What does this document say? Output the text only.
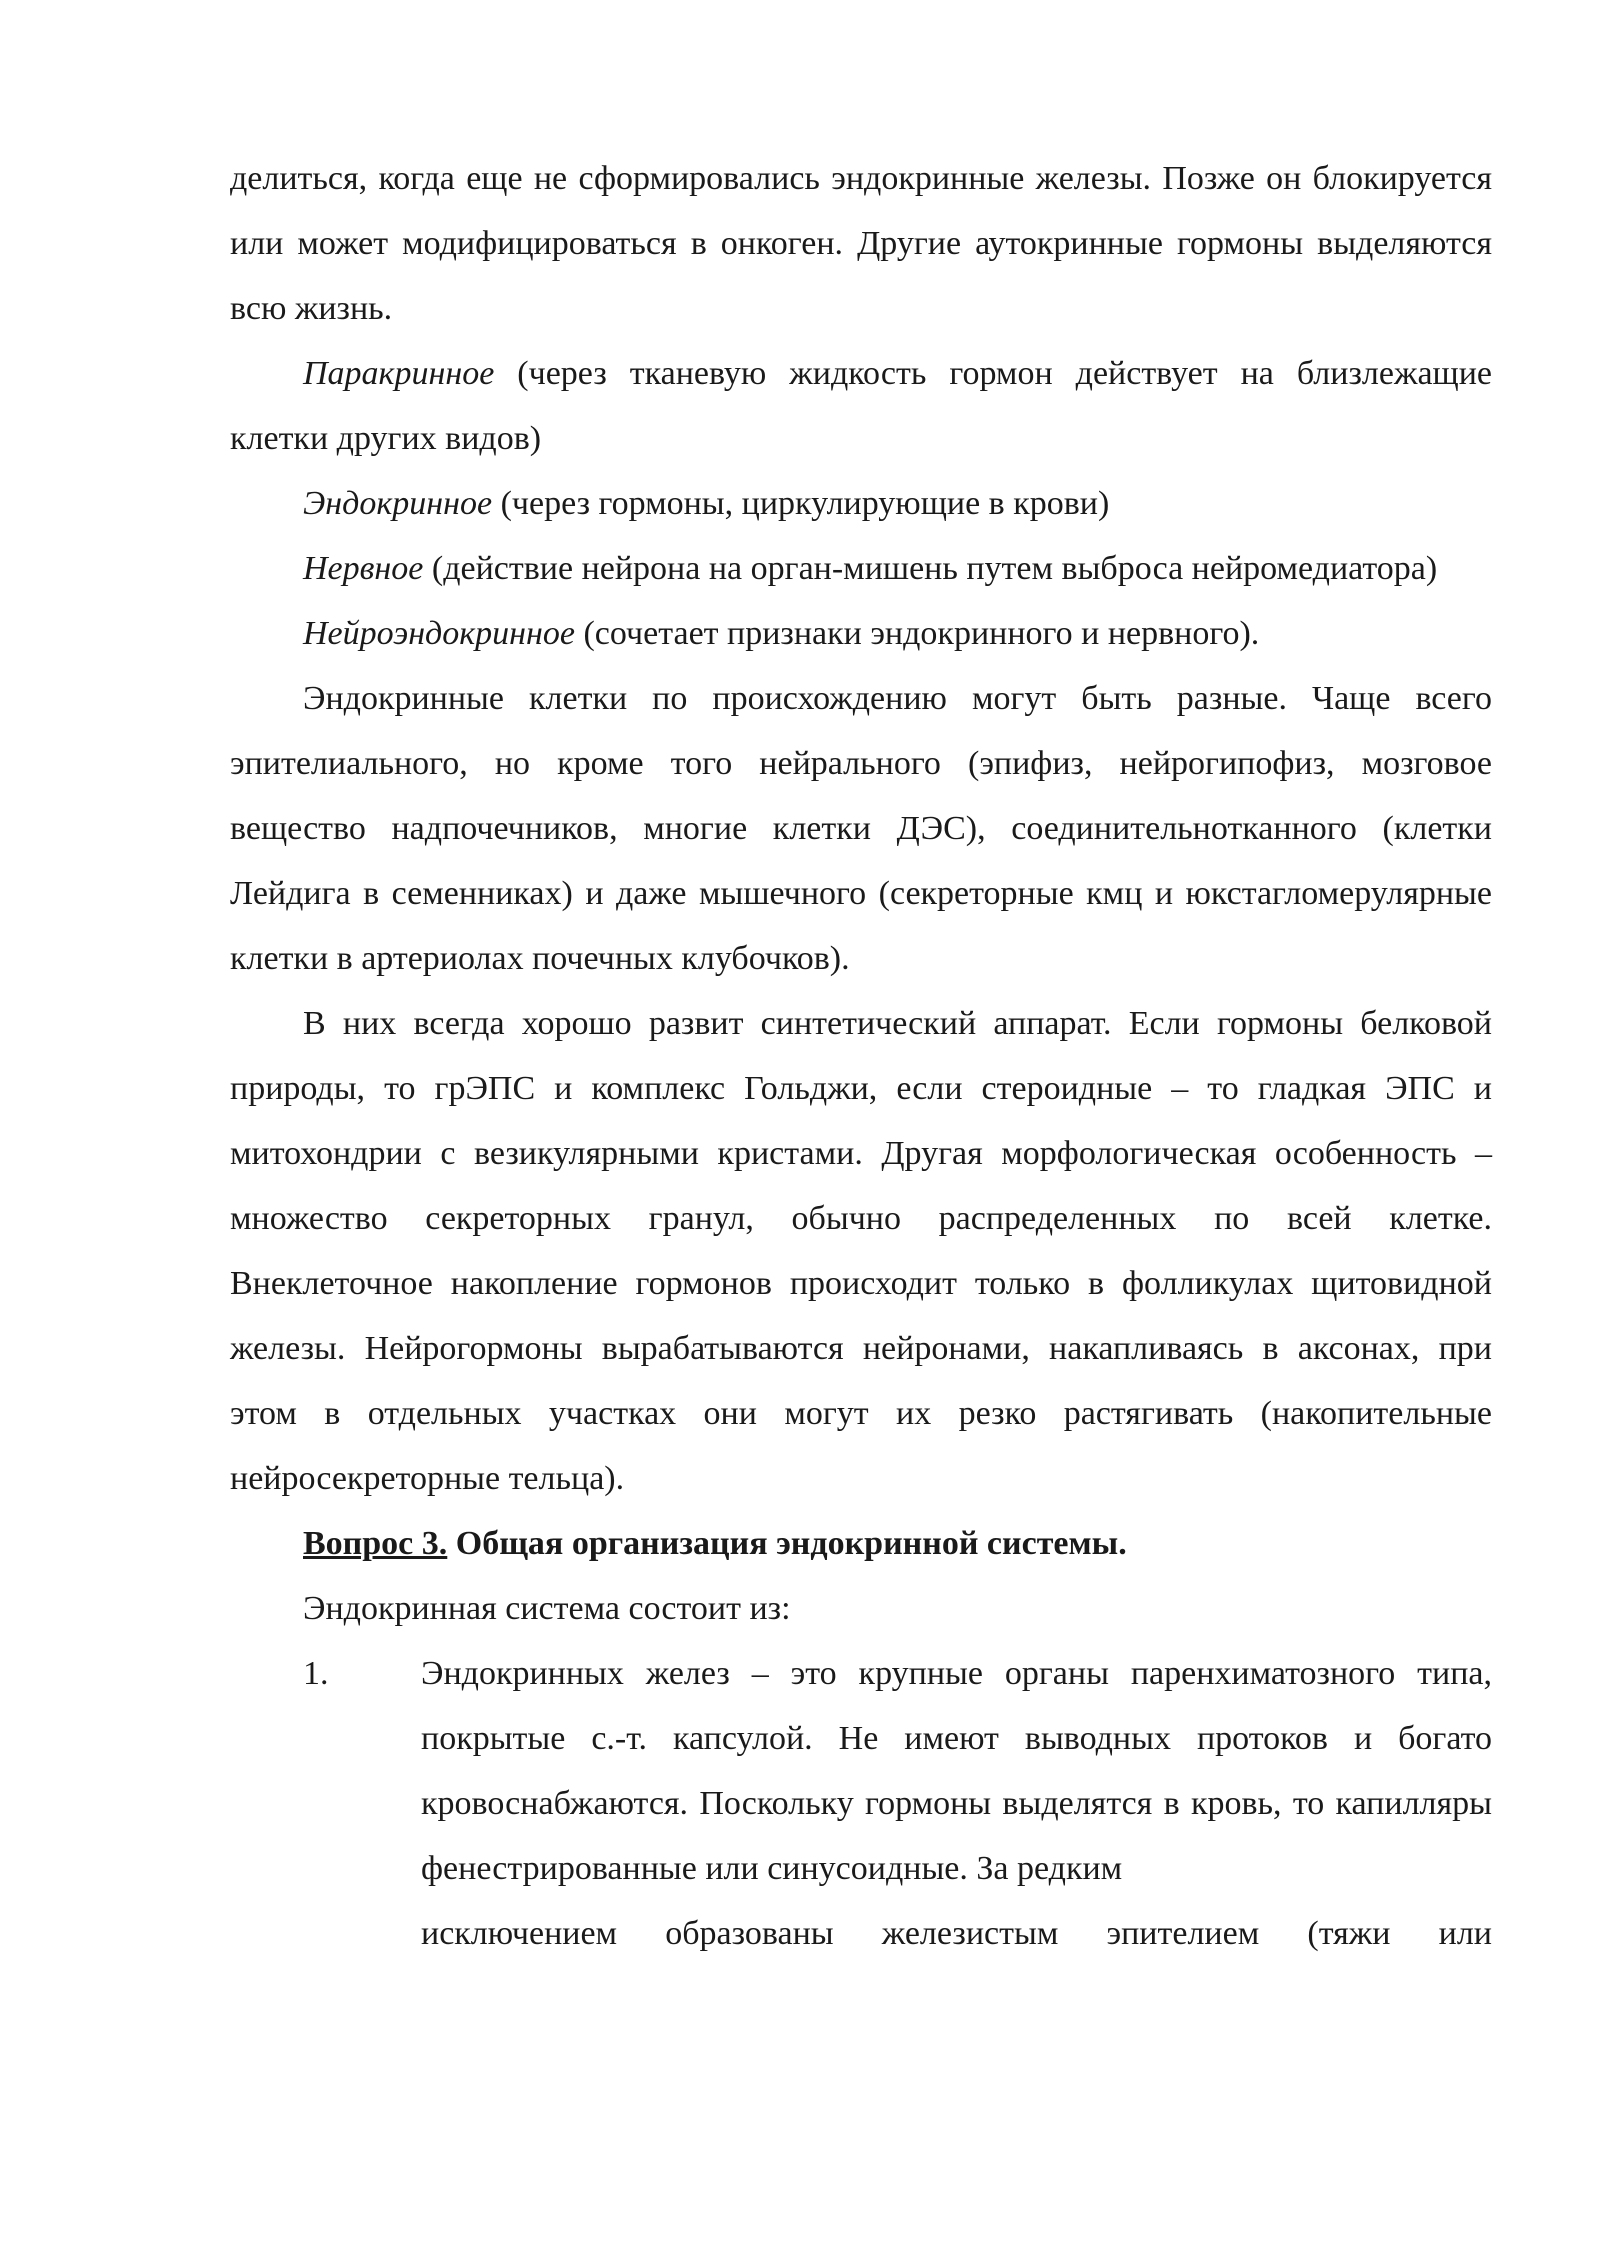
делиться, когда еще не сформировались эндокринные железы. Позже он блокируется или может модифицироваться в онкоген. Другие аутокринные гормоны выделяются всю жизнь.

Паракринное (через тканевую жидкость гормон действует на близлежащие клетки других видов)

Эндокринное (через гормоны, циркулирующие в крови)

Нервное (действие нейрона на орган-мишень путем выброса нейромедиатора)

Нейроэндокринное (сочетает признаки эндокринного и нервного).

Эндокринные клетки по происхождению могут быть разные. Чаще всего эпителиального, но кроме того нейрального (эпифиз, нейрогипофиз, мозговое вещество надпочечников, многие клетки ДЭС), соединительнотканного (клетки Лейдига в семенниках) и даже мышечного (секреторные кмц и юкстагломерулярные клетки в артериолах почечных клубочков).

В них всегда хорошо развит синтетический аппарат. Если гормоны белковой природы, то грЭПС и комплекс Гольджи, если стероидные – то гладкая ЭПС и митохондрии с везикулярными кристами. Другая морфологическая особенность – множество секреторных гранул, обычно распределенных по всей клетке. Внеклеточное накопление гормонов происходит только в фолликулах щитовидной железы. Нейрогормоны вырабатываются нейронами, накапливаясь в аксонах, при этом в отдельных участках они могут их резко растягивать (накопительные нейросекреторные тельца).

Вопрос 3. Общая организация эндокринной системы.

Эндокринная система состоит из:

1.	Эндокринных желез – это крупные органы паренхиматозного типа, покрытые с.-т. капсулой. Не имеют выводных протоков и богато кровоснабжаются. Поскольку гормоны выделятся в кровь, то капилляры фенестрированные или синусоидные. За редким
исключением образованы железистым эпителием (тяжи или
